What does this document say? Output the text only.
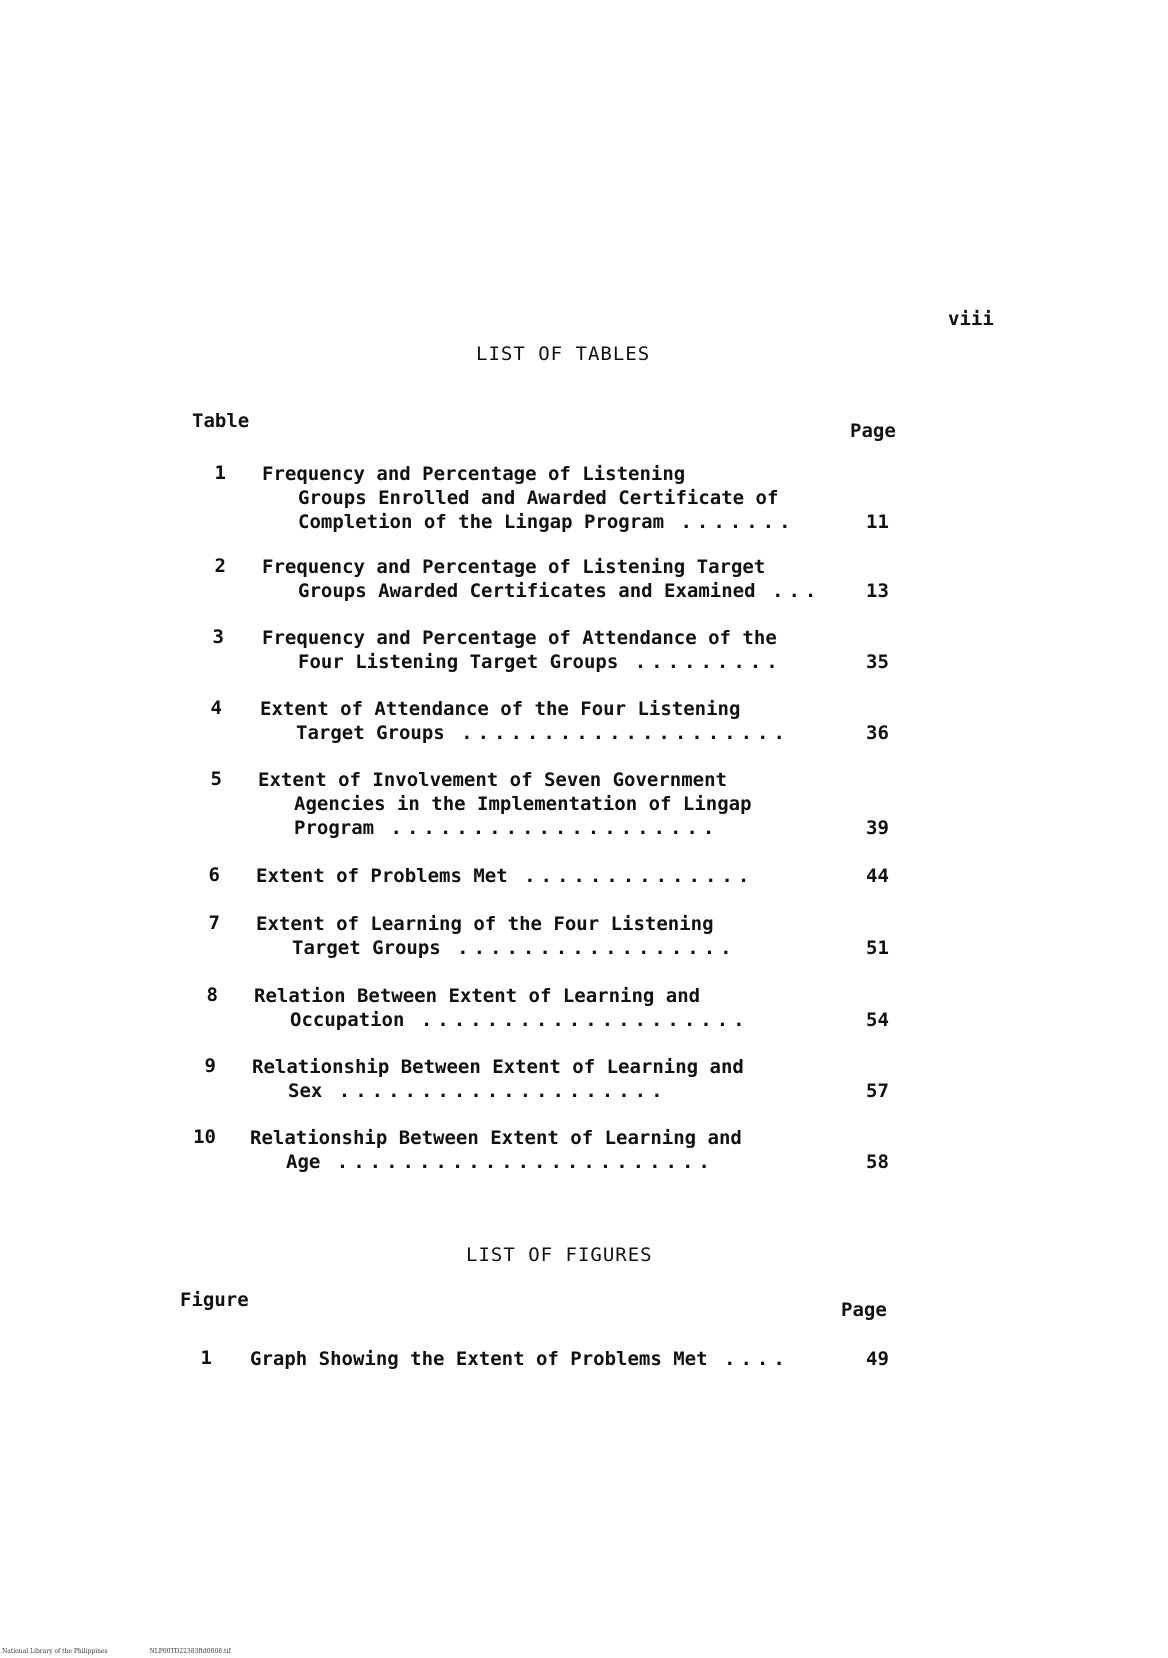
viii
LIST OF TABLES
Table	Page
1 Frequency and Percentage of Listening
Groups Enrolled and Awarded Certificate of
Completion of the Lingap Program .......	11
2 Frequency and Percentage of Listening Target
Groups Awarded Certificates and Examined ... 13
3 Frequency and Percentage of Attendance of the
Four Listening Target Groups .........	35
4 Extent of Attendance of the Four Listening
Target Groups ....................	36
5 Extent of Involvement of Seven Government
Agencies in the Implementation of Lingap
Program ....................	39
6 Extent of Problems Met ..............	44
7 Extent of Learning of the Four Listening
Target Groups .................	51
8 Relation Between Extent of Learning and
Occupation ....................	54
9 Relationship Between Extent of Learning and
Sex ....................	57
10 Relationship Between Extent of Learning and
Age .......................	58
LIST OF FIGURES
Figure	Page
1 Graph Showing the Extent of Problems Met ....	49
National Library of the Philippines	NLP00TD22383ftd0008.tif
